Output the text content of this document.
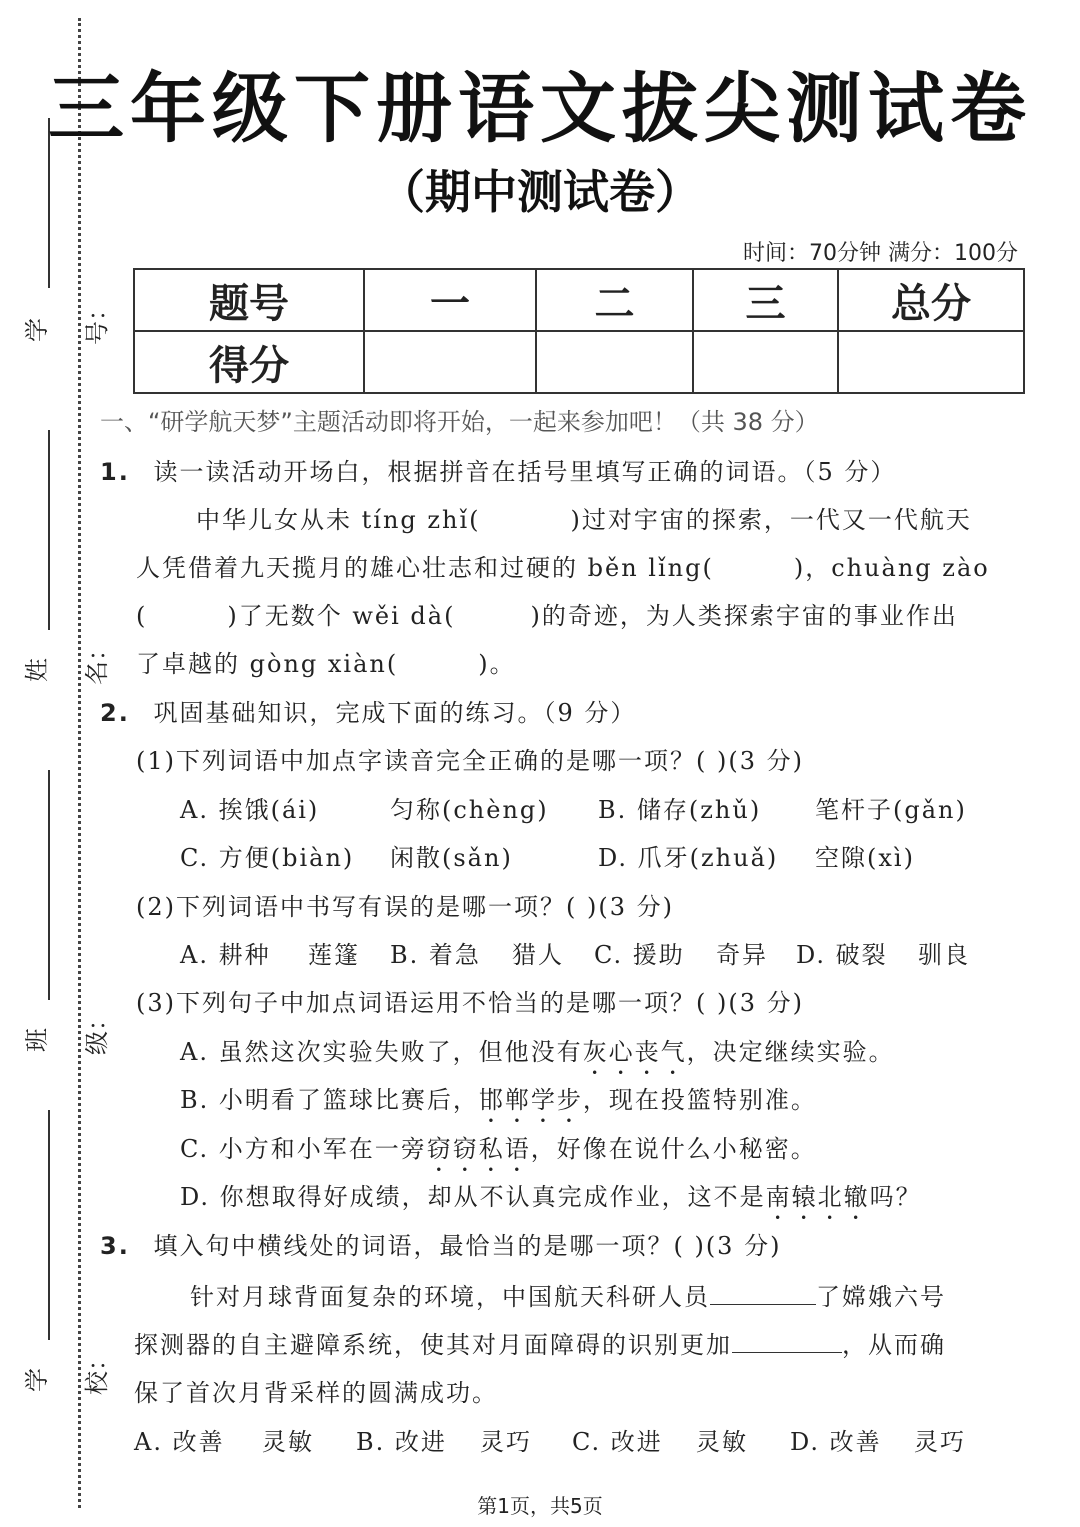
学号：
姓名：
班级：
学校：
三年级下册语文拔尖测试卷
（期中测试卷）
时间：70分钟 满分：100分
题号	一	二	三	总分
得分				
一、“研学航天梦”主题活动即将开始，一起来参加吧！（共 38 分）
1. 读一读活动开场白，根据拼音在括号里填写正确的词语。（5 分）
中华儿女从未 tíng zhǐ(	)过对宇宙的探索，一代又一代航天
人凭借着九天揽月的雄心壮志和过硬的 běn lǐng(	)，chuàng zào
(	)了无数个 wěi dà(	)的奇迹，为人类探索宇宙的事业作出
了卓越的 gòng xiàn(	)。
2. 巩固基础知识，完成下面的练习。（9 分）
(1)下列词语中加点字读音完全正确的是哪一项？( )(3 分)
A. 挨饿(ái)	匀称(chèng) B. 储存(zhǔ) 笔杆子(gǎn)
C. 方便(biàn) 闲散(sǎn)	D. 爪牙(zhuǎ) 空隙(xì)
(2)下列词语中书写有误的是哪一项？( )(3 分)
A. 耕种 莲篷 B. 着急 猎人 C. 援助 奇异 D. 破裂 驯良
(3)下列句子中加点词语运用不恰当的是哪一项？( )(3 分)
A. 虽然这次实验失败了，但他没有灰心丧气，决定继续实验。
B. 小明看了篮球比赛后，邯郸学步，现在投篮特别准。
C. 小方和小军在一旁窃窃私语，好像在说什么小秘密。
D. 你想取得好成绩，却从不认真完成作业，这不是南辕北辙吗？
3. 填入句中横线处的词语，最恰当的是哪一项？( )(3 分)
针对月球背面复杂的环境，中国航天科研人员	了嫦娥六号
探测器的自主避障系统，使其对月面障碍的识别更加	，从而确
保了首次月背采样的圆满成功。
A. 改善 灵敏 B. 改进 灵巧 C. 改进 灵敏 D. 改善 灵巧
第1页，共5页
